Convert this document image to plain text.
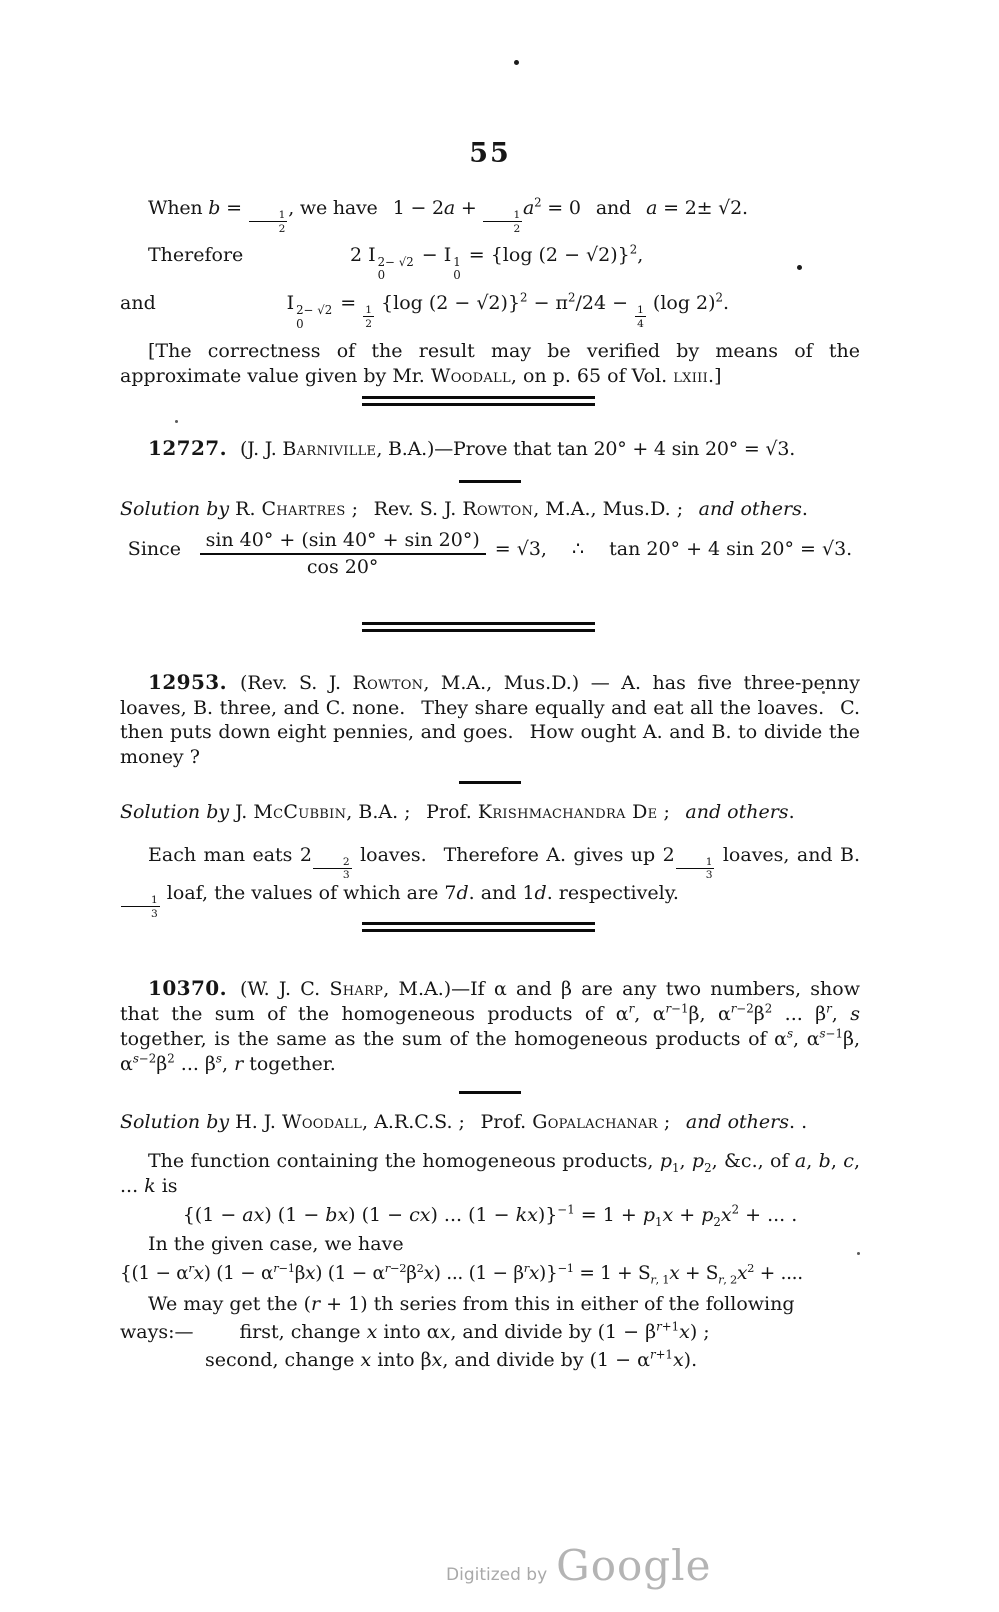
55

When b =
$\frac{1}{2}$
, we have  1 − 2a +
$\frac{1}{2}$
$a^2 = 0$  and  a = 2± √2.

Therefore	2 I 2− √2
0
− I 1
0
= {log (2 − √2)}$^2$,
and	I 2− √2
0
=
$\frac{1}{2}$
{log $(2 - √2)\}^2 - \pi^2/24$ −
$\frac{1}{4}$
(log 2)$^2$.

[The correctness of the result may be verified by means of the approximate value given by Mr. Woodall, on p. 65 of Vol. lxiii.]

12727. (J. J. Barniville, B.A.)—Prove that tan 20° + 4 sin 20° = √3.

Solution by R. Chartres ;  Rev. S. J. Rowton, M.A., Mus.D. ;  and others.

Since   $\frac{\sin 40^\circ + (\sin 40^\circ + \sin 20^\circ)}{\cos 20^\circ} = √3$,  ∴  tan 20° + 4 sin 20° = √3.

12953. (Rev. S. J. Rowton, M.A., Mus.D.) — A. has five three-penny loaves, B. three, and C. none.  They share equally and eat all the loaves.  C. then puts down eight pennies, and goes.  How ought A. and B. to divide the money ?

Solution by J. McCubbin, B.A. ;  Prof. Krishmachandra De ;  and others.

Each man eats 2
$\frac{2}{3}$
loaves.  Therefore A. gives up 2
$\frac{1}{3}$
loaves, and B.
$\frac{1}{3}$
loaf, the values of which are 7d. and 1d. respectively.

10370. (W. J. C. Sharp, M.A.)—If α and β are any two numbers, show that the sum of the homogeneous products of $\alpha^r$, $\alpha^{r-1}\beta$, $\alpha^{r-2}\beta^2$ ... $\beta^r$, s together, is the same as the sum of the homogeneous products of $\alpha^s$, $\alpha^{s-1}\beta$, $\alpha^{s-2}\beta^2$ ... $\beta^s$, r together.

Solution by H. J. Woodall, A.R.C.S. ;  Prof. Gopalachanar ;  and others. .

The function containing the homogeneous products, $p_1$, $p_2$, &c., of a, b, c, ... k is

{(1 − ax) (1 − bx) (1 − cx) ... $(1 - kx)\}^{-1} = 1 + p_1x + p_2x^2$ + ... .

In the given case, we have

{$(1 - \alpha^rx)$ $(1 - \alpha^{r-1}\beta x)$ $(1 - \alpha^{r-2}\beta^2x)$ ... $(1 - \beta^rx)\}^{-1} = 1 + S_{r, 1}x + S_{r, 2}x^2$ + ....

We may get the (r + 1) th series from this in either of the following

ways:— first, change x into αx, and divide by $(1 - \beta^{r+1}x)$ ;

second, change x into βx, and divide by $(1 - \alpha^{r+1}x)$.

Digitized by Google
